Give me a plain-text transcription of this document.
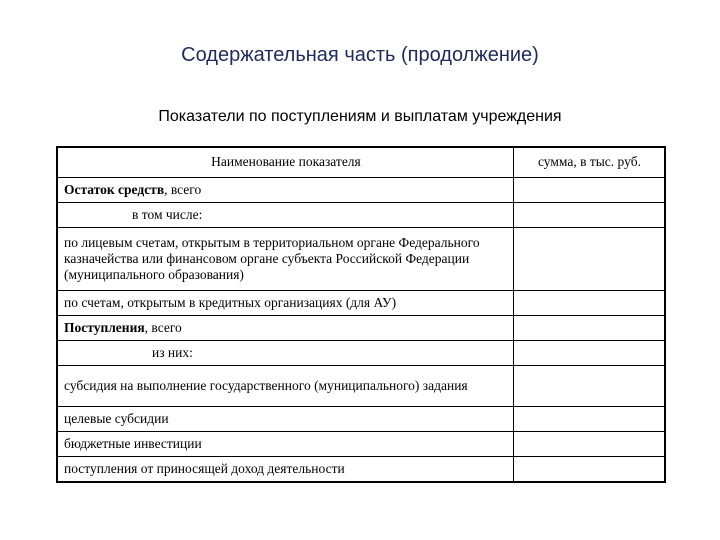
Содержательная часть (продолжение)
Показатели по поступлениям и выплатам учреждения
Наименование показателя	сумма, в тыс. руб.
Остаток средств, всего	
в том числе:	
по лицевым счетам, открытым в территориальном органе Федерального казначейства или финансовом органе субъекта Российской Федерации (муниципального образования)	
по счетам, открытым в кредитных организациях (для АУ)	
Поступления, всего	
из них:	
субсидия на выполнение государственного (муниципального) задания	
целевые субсидии	
бюджетные инвестиции	
поступления от приносящей доход деятельности	
